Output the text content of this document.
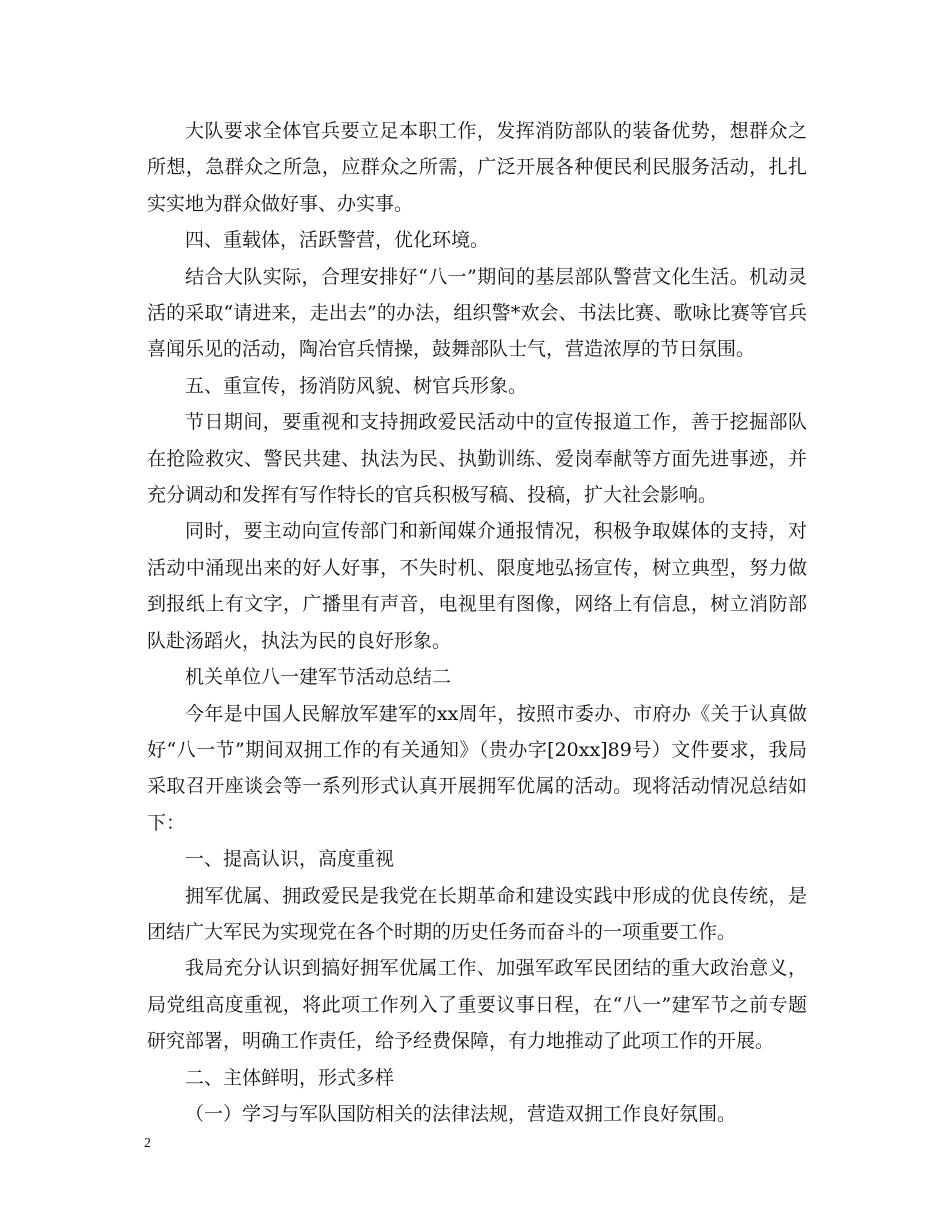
大队要求全体官兵要立足本职工作，发挥消防部队的装备优势，想群众之所想，急群众之所急，应群众之所需，广泛开展各种便民利民服务活动，扎扎实实地为群众做好事、办实事。

四、重载体，活跃警营，优化环境。

结合大队实际，合理安排好“八一”期间的基层部队警营文化生活。机动灵活的采取“请进来，走出去”的办法，组织警*欢会、书法比赛、歌咏比赛等官兵喜闻乐见的活动，陶冶官兵情操，鼓舞部队士气，营造浓厚的节日氛围。

五、重宣传，扬消防风貌、树官兵形象。

节日期间，要重视和支持拥政爱民活动中的宣传报道工作，善于挖掘部队在抢险救灾、警民共建、执法为民、执勤训练、爱岗奉献等方面先进事迹，并充分调动和发挥有写作特长的官兵积极写稿、投稿，扩大社会影响。

同时，要主动向宣传部门和新闻媒介通报情况，积极争取媒体的支持，对活动中涌现出来的好人好事，不失时机、限度地弘扬宣传，树立典型，努力做到报纸上有文字，广播里有声音，电视里有图像，网络上有信息，树立消防部队赴汤蹈火，执法为民的良好形象。

机关单位八一建军节活动总结二

今年是中国人民解放军建军的xx周年，按照市委办、市府办《关于认真做好“八一节”期间双拥工作的有关通知》（贵办字[20xx]89号）文件要求，我局采取召开座谈会等一系列形式认真开展拥军优属的活动。现将活动情况总结如下：

一、提高认识，高度重视

拥军优属、拥政爱民是我党在长期革命和建设实践中形成的优良传统，是团结广大军民为实现党在各个时期的历史任务而奋斗的一项重要工作。

我局充分认识到搞好拥军优属工作、加强军政军民团结的重大政治意义，局党组高度重视，将此项工作列入了重要议事日程，在“八一”建军节之前专题研究部署，明确工作责任，给予经费保障，有力地推动了此项工作的开展。

二、主体鲜明，形式多样

（一）学习与军队国防相关的法律法规，营造双拥工作良好氛围。

2
